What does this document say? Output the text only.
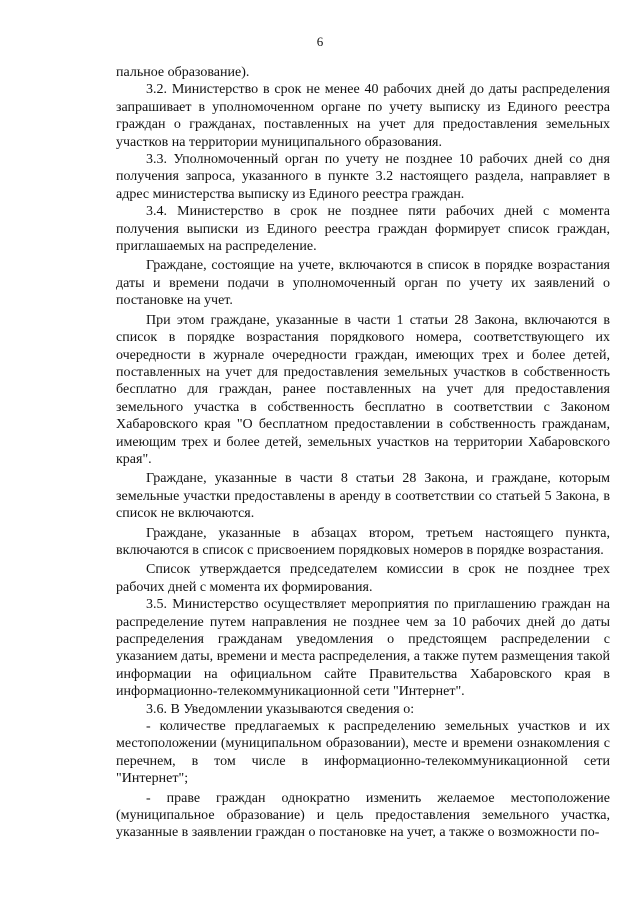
6

пальное образование).

3.2. Министерство в срок не менее 40 рабочих дней до даты распределения запрашивает в уполномоченном органе по учету выписку из Единого реестра граждан о гражданах, поставленных на учет для предоставления земельных участков на территории муниципального образования.

3.3. Уполномоченный орган по учету не позднее 10 рабочих дней со дня получения запроса, указанного в пункте 3.2 настоящего раздела, направляет в адрес министерства выписку из Единого реестра граждан.

3.4. Министерство в срок не позднее пяти рабочих дней с момента получения выписки из Единого реестра граждан формирует список граждан, приглашаемых на распределение.

Граждане, состоящие на учете, включаются в список в порядке возрастания даты и времени подачи в уполномоченный орган по учету их заявлений о постановке на учет.

При этом граждане, указанные в части 1 статьи 28 Закона, включаются в список в порядке возрастания порядкового номера, соответствующего их очередности в журнале очередности граждан, имеющих трех и более детей, поставленных на учет для предоставления земельных участков в собственность бесплатно для граждан, ранее поставленных на учет для предоставления земельного участка в собственность бесплатно в соответствии с Законом Хабаровского края "О бесплатном предоставлении в собственность гражданам, имеющим трех и более детей, земельных участков на территории Хабаровского края".

Граждане, указанные в части 8 статьи 28 Закона, и граждане, которым земельные участки предоставлены в аренду в соответствии со статьей 5 Закона, в список не включаются.

Граждане, указанные в абзацах втором, третьем настоящего пункта, включаются в список с присвоением порядковых номеров в порядке возрастания.

Список утверждается председателем комиссии в срок не позднее трех рабочих дней с момента их формирования.

3.5. Министерство осуществляет мероприятия по приглашению граждан на распределение путем направления не позднее чем за 10 рабочих дней до даты распределения гражданам уведомления о предстоящем распределении с указанием даты, времени и места распределения, а также путем размещения такой информации на официальном сайте Правительства Хабаровского края в информационно-телекоммуникационной сети "Интернет".

3.6. В Уведомлении указываются сведения о:

- количестве предлагаемых к распределению земельных участков и их местоположении (муниципальном образовании), месте и времени ознакомления с перечнем, в том числе в информационно-телекоммуникационной сети "Интернет";

- праве граждан однократно изменить желаемое местоположение (муниципальное образование) и цель предоставления земельного участка, указанные в заявлении граждан о постановке на учет, а также о возможности по-
